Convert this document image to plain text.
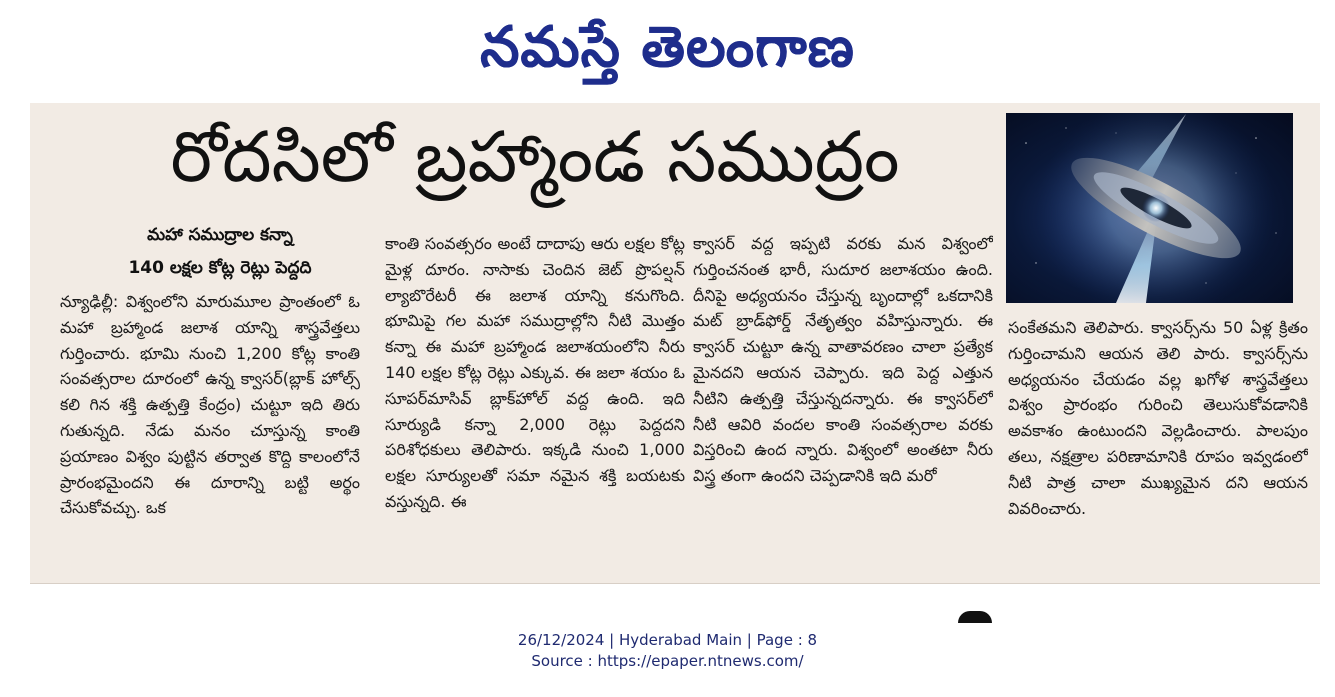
నమస్తే తెలంగాణ
రోదసిలో బ్రహ్మాండ సముద్రం
మహా సముద్రాల కన్నా
140 లక్షల కోట్ల రెట్లు పెద్దది
న్యూఢిల్లీ: విశ్వంలోని మారుమూల ప్రాంతంలో ఓ మహా బ్రహ్మాండ జలాశ యాన్ని శాస్త్రవేత్తలు గుర్తించారు. భూమి నుంచి 1,200 కోట్ల కాంతి సంవత్సరాల దూరంలో ఉన్న క్వాసర్(బ్లాక్ హోల్స్ కలి గిన శక్తి ఉత్పత్తి కేంద్రం) చుట్టూ ఇది తిరు గుతున్నది. నేడు మనం చూస్తున్న కాంతి ప్రయాణం విశ్వం పుట్టిన తర్వాత కొద్ది కాలంలోనే ప్రారంభమైందని ఈ దూరాన్ని బట్టి అర్థం చేసుకోవచ్చు. ఒక
కాంతి సంవత్సరం అంటే దాదాపు ఆరు లక్షల కోట్ల మైళ్ల దూరం. నాసాకు చెందిన జెట్ ప్రొపల్షన్ ల్యాబొరేటరీ ఈ జలాశ యాన్ని కనుగొంది. భూమిపై గల మహా సముద్రాల్లోని నీటి మొత్తం కన్నా ఈ మహా బ్రహ్మాండ జలాశయంలోని నీరు 140 లక్షల కోట్ల రెట్లు ఎక్కువ. ఈ జలా శయం ఓ సూపర్‌మాసివ్ బ్లాక్‌హోల్ వద్ద ఉంది. ఇది సూర్యుడి కన్నా 2,000 రెట్లు పెద్దదని పరిశోధకులు తెలిపారు. ఇక్కడి నుంచి 1,000 లక్షల సూర్యులతో సమా నమైన శక్తి బయటకు వస్తున్నది. ఈ
క్వాసర్ వద్ద ఇప్పటి వరకు మన విశ్వంలో గుర్తించనంత భారీ, సుదూర జలాశయం ఉంది. దీనిపై అధ్యయనం చేస్తున్న బృందాల్లో ఒకదానికి మట్ బ్రాడ్‌ఫోర్డ్ నేతృత్వం వహిస్తున్నారు. ఈ క్వాసర్ చుట్టూ ఉన్న వాతావరణం చాలా ప్రత్యేక మైనదని ఆయన చెప్పారు. ఇది పెద్ద ఎత్తున నీటిని ఉత్పత్తి చేస్తున్నదన్నారు. ఈ క్వాసర్‌లో నీటి ఆవిరి వందల కాంతి సంవత్సరాల వరకు విస్తరించి ఉంద న్నారు. విశ్వంలో అంతటా నీరు విస్త్ర తంగా ఉందని చెప్పడానికి ఇది మరో
సంకేతమని తెలిపారు. క్వాసర్స్‌ను 50 ఏళ్ల క్రితం గుర్తించామని ఆయన తెలి పారు. క్వాసర్స్‌ను అధ్యయనం చేయడం వల్ల ఖగోళ శాస్త్రవేత్తలు విశ్వం ప్రారంభం గురించి తెలుసుకోవడానికి అవకాశం ఉంటుందని వెల్లడించారు. పాలపుం తలు, నక్షత్రాల పరిణామానికి రూపం ఇవ్వడంలో నీటి పాత్ర చాలా ముఖ్యమైన దని ఆయన వివరించారు.
26/12/2024 | Hyderabad Main | Page : 8
Source : https://epaper.ntnews.com/
